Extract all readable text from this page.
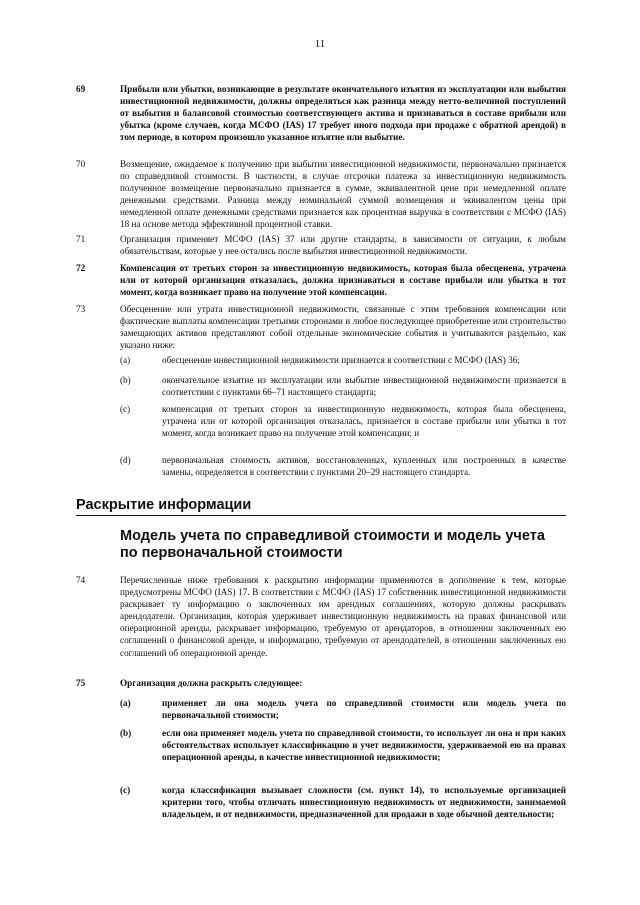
11
69	Прибыли или убытки, возникающие в результате окончательного изъятия из эксплуатации или выбытия инвестиционной недвижимости, должны определяться как разница между нетто-величиной поступлений от выбытия и балансовой стоимостью соответствующего актива и признаваться в составе прибыли или убытка (кроме случаев, когда МСФО (IAS) 17 требует иного подхода при продаже с обратной арендой) в том периоде, в котором произошло указанное изъятие или выбытие.
70	Возмещение, ожидаемое к получению при выбытии инвестиционной недвижимости, первоначально признается по справедливой стоимости. В частности, в случае отсрочки платежа за инвестиционную недвижимость полученное возмещение первоначально признается в сумме, эквивалентной цене при немедленной оплате денежными средствами. Разница между номинальной суммой возмещения и эквивалентом цены при немедленной оплате денежными средствами признается как процентная выручка в соответствии с МСФО (IAS) 18 на основе метода эффективной процентной ставки.
71	Организация применяет МСФО (IAS) 37 или другие стандарты, в зависимости от ситуации, к любым обязательствам, которые у нее остались после выбытия инвестиционной недвижимости.
72	Компенсация от третьих сторон за инвестиционную недвижимость, которая была обесценена, утрачена или от которой организация отказалась, должна признаваться в составе прибыли или убытка в тот момент, когда возникает право на получение этой компенсации.
73	Обесценение или утрата инвестиционной недвижимости, связанные с этим требования компенсации или фактические выплаты компенсации третьими сторонами и любое последующее приобретение или строительство замещающих активов представляют собой отдельные экономические события и учитываются раздельно, как указано ниже:
(a)	обесценение инвестиционной недвижимости признается в соответствии с МСФО (IAS) 36;
(b)	окончательное изъятие из эксплуатации или выбытие инвестиционной недвижимости признается в соответствии с пунктами 66–71 настоящего стандарта;
(c)	компенсация от третьих сторон за инвестиционную недвижимость, которая была обесценена, утрачена или от которой организация отказалась, признается в составе прибыли или убытка в тот момент, когда возникает право на получение этой компенсации; и
(d)	первоначальная стоимость активов, восстановленных, купленных или построенных в качестве замены, определяется в соответствии с пунктами 20–29 настоящего стандарта.
Раскрытие информации
Модель учета по справедливой стоимости и модель учета по первоначальной стоимости
74	Перечисленные ниже требования к раскрытию информации применяются в дополнение к тем, которые предусмотрены МСФО (IAS) 17. В соответствии с МСФО (IAS) 17 собственник инвестиционной недвижимости раскрывает ту информацию о заключенных им арендных соглашениях, которую должны раскрывать арендодатели. Организация, которая удерживает инвестиционную недвижимость на правах финансовой или операционной аренды, раскрывает информацию, требуемую от арендаторов, в отношении заключенных ею соглашений о финансовой аренде, и информацию, требуемую от арендодателей, в отношении заключенных ею соглашений об операционной аренде.
75	Организация должна раскрыть следующее:
(a)	применяет ли она модель учета по справедливой стоимости или модель учета по первоначальной стоимости;
(b)	если она применяет модель учета по справедливой стоимости, то использует ли она и при каких обстоятельствах использует классификацию и учет недвижимости, удерживаемой ею на правах операционной аренды, в качестве инвестиционной недвижимости;
(c)	когда классификация вызывает сложности (см. пункт 14), то используемые организацией критерии того, чтобы отличать инвестиционную недвижимость от недвижимости, занимаемой владельцем, и от недвижимости, предназначенной для продажи в ходе обычной деятельности;
